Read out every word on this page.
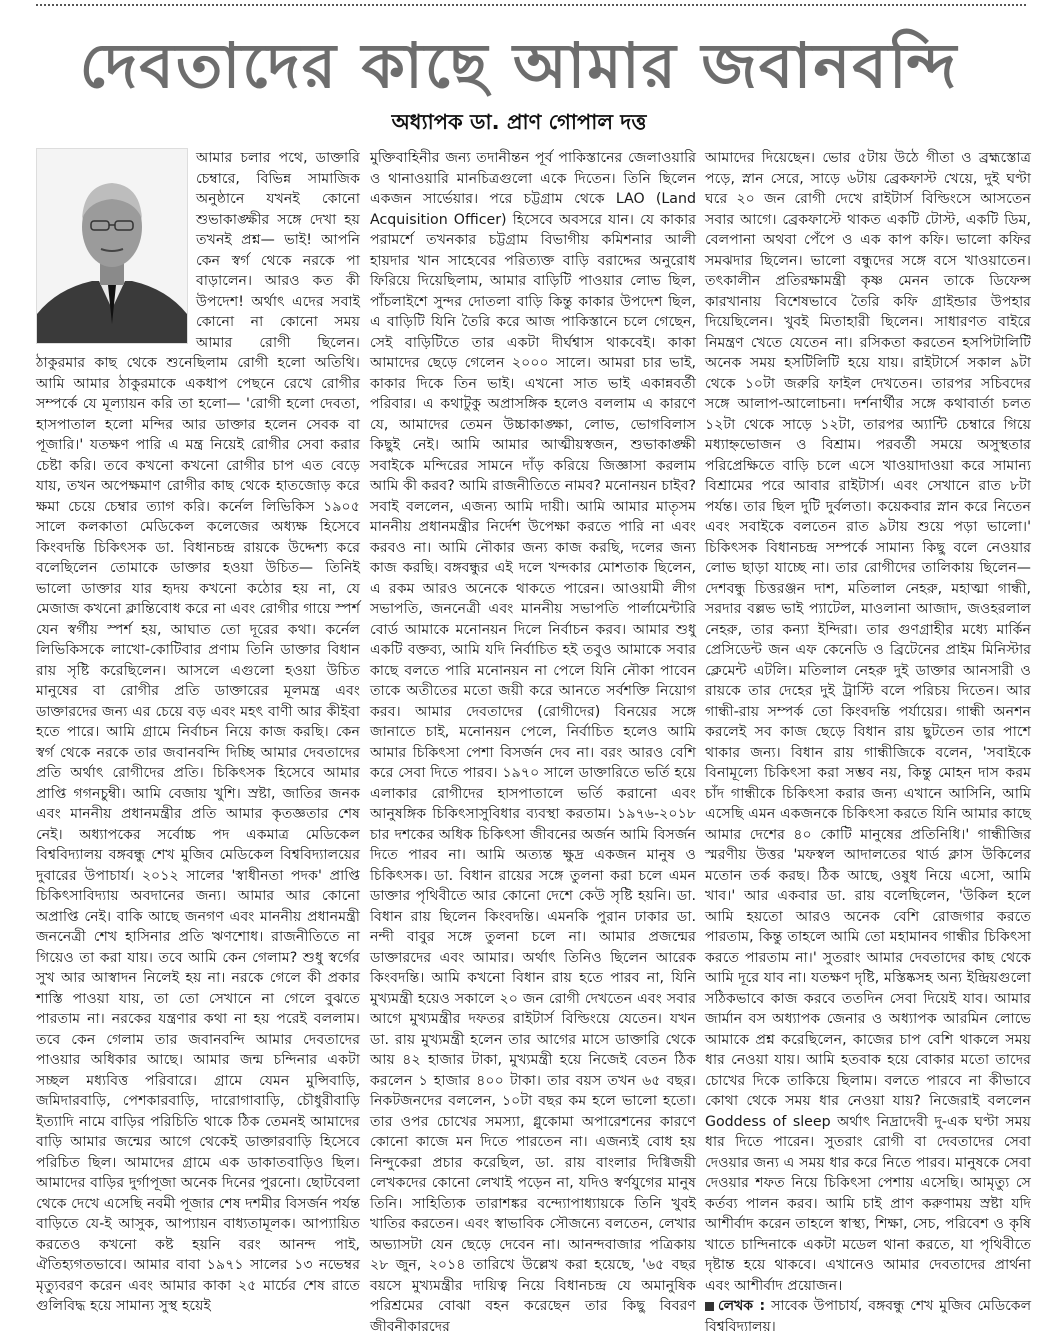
দেবতাদের কাছে আমার জবানবন্দি
অধ্যাপক ডা. প্রাণ গোপাল দত্ত

আমার চলার পথে, ডাক্তারি চেম্বারে, বিভিন্ন সামাজিক অনুষ্ঠানে যখনই কোনো শুভাকাঙ্ক্ষীর সঙ্গে দেখা হয় তখনই প্রশ্ন— ভাই! আপনি কেন স্বর্গ থেকে নরকে পা বাড়ালেন। আরও কত কী উপদেশ! অর্থাৎ এদের সবাই কোনো না কোনো সময় আমার রোগী ছিলেন। ঠাকুরমার কাছ থেকে শুনেছিলাম রোগী হলো অতিথি। আমি আমার ঠাকুরমাকে একধাপ পেছনে রেখে রোগীর সম্পর্কে যে মূল্যায়ন করি তা হলো— 'রোগী হলো দেবতা, হাসপাতাল হলো মন্দির আর ডাক্তার হলেন সেবক বা পূজারি।' যতক্ষণ পারি এ মন্ত্র নিয়েই রোগীর সেবা করার চেষ্টা করি। তবে কখনো কখনো রোগীর চাপ এত বেড়ে যায়, তখন অপেক্ষমাণ রোগীর কাছ থেকে হাতজোড় করে ক্ষমা চেয়ে চেম্বার ত্যাগ করি। কর্নেল লিভিকিস ১৯০৫ সালে কলকাতা মেডিকেল কলেজের অধ্যক্ষ হিসেবে কিংবদন্তি চিকিৎসক ডা. বিধানচন্দ্র রায়কে উদ্দেশ্য করে বলেছিলেন তোমাকে ডাক্তার হওয়া উচিত— তিনিই ভালো ডাক্তার যার হৃদয় কখনো কঠোর হয় না, যে মেজাজ কখনো ক্লান্তিবোধ করে না এবং রোগীর গায়ে স্পর্শ যেন স্বর্গীয় স্পর্শ হয়, আঘাত তো দূরের কথা। কর্নেল লিভিকিসকে লাখো-কোটিবার প্রণাম তিনি ডাক্তার বিধান রায় সৃষ্টি করেছিলেন। আসলে এগুলো হওয়া উচিত মানুষের বা রোগীর প্রতি ডাক্তারের মূলমন্ত্র এবং ডাক্তারদের জন্য এর চেয়ে বড় এবং মহৎ বাণী আর কীইবা হতে পারে। আমি গ্রামে নির্বাচন নিয়ে কাজ করছি। কেন স্বর্গ থেকে নরকে তার জবানবন্দি দিচ্ছি আমার দেবতাদের প্রতি অর্থাৎ রোগীদের প্রতি। চিকিৎসক হিসেবে আমার প্রাপ্তি গগনচুম্বী। আমি বেজায় খুশি। স্রষ্টা, জাতির জনক এবং মাননীয় প্রধানমন্ত্রীর প্রতি আমার কৃতজ্ঞতার শেষ নেই। অধ্যাপকের সর্বোচ্চ পদ একমাত্র মেডিকেল বিশ্ববিদ্যালয় বঙ্গবন্ধু শেখ মুজিব মেডিকেল বিশ্ববিদ্যালয়ের দুবারের উপাচার্য। ২০১২ সালের 'স্বাধীনতা পদক' প্রাপ্তি চিকিৎসাবিদ্যায় অবদানের জন্য। আমার আর কোনো অপ্রাপ্তি নেই। বাকি আছে জনগণ এবং মাননীয় প্রধানমন্ত্রী জননেত্রী শেখ হাসিনার প্রতি ঋণশোধ। রাজনীতিতে না গিয়েও তা করা যায়। তবে আমি কেন গেলাম? শুধু স্বর্গের সুখ আর আস্বাদন নিলেই হয় না। নরকে গেলে কী প্রকার শাস্তি পাওয়া যায়, তা তো সেখানে না গেলে বুঝতে পারতাম না। নরকের যন্ত্রণার কথা না হয় পরেই বললাম। তবে কেন গেলাম তার জবানবন্দি আমার দেবতাদের পাওয়ার অধিকার আছে। আমার জন্ম চন্দিনার একটা সচ্ছল মধ্যবিত্ত পরিবারে। গ্রামে যেমন মুন্সিবাড়ি, জমিদারবাড়ি, পেশকারবাড়ি, দারোগাবাড়ি, চৌধুরীবাড়ি ইত্যাদি নামে বাড়ির পরিচিতি থাকে ঠিক তেমনই আমাদের বাড়ি আমার জন্মের আগে থেকেই ডাক্তারবাড়ি হিসেবে পরিচিত ছিল। আমাদের গ্রামে এক ডাকাতবাড়িও ছিল। আমাদের বাড়ির দুর্গাপূজা অনেক দিনের পুরনো। ছোটবেলা থেকে দেখে এসেছি নবমী পূজার শেষ দশমীর বিসর্জন পর্যন্ত বাড়িতে যে-ই আসুক, আপ্যায়ন বাধ্যতামূলক। আপ্যায়িত করতেও কখনো কষ্ট হয়নি বরং আনন্দ পাই, ঐতিহ্যগতভাবে। আমার বাবা ১৯৭১ সালের ১৩ নভেম্বর মৃত্যুবরণ করেন এবং আমার কাকা ২৫ মার্চের শেষ রাতে গুলিবিদ্ধ হয়ে সামান্য সুস্থ হয়েই

মুক্তিবাহিনীর জন্য তদানীন্তন পূর্ব পাকিস্তানের জেলাওয়ারি ও থানাওয়ারি মানচিত্রগুলো একে দিতেন। তিনি ছিলেন একজন সার্ভেয়ার। পরে চট্টগ্রাম থেকে LAO (Land Acquisition Officer) হিসেবে অবসরে যান। যে কাকার পরামর্শে তখনকার চট্টগ্রাম বিভাগীয় কমিশনার আলী হায়দার খান সাহেবের পরিত্যক্ত বাড়ি বরাদ্দের অনুরোধ ফিরিয়ে দিয়েছিলাম, আমার বাড়িটি পাওয়ার লোভ ছিল, পাঁচলাইশে সুন্দর দোতলা বাড়ি কিন্তু কাকার উপদেশ ছিল, এ বাড়িটি যিনি তৈরি করে আজ পাকিস্তানে চলে গেছেন, সেই বাড়িটিতে তার একটা দীর্ঘশ্বাস থাকবেই। কাকা আমাদের ছেড়ে গেলেন ২০০০ সালে। আমরা চার ভাই, কাকার দিকে তিন ভাই। এখনো সাত ভাই একান্নবর্তী পরিবার। এ কথাটুকু অপ্রাসঙ্গিক হলেও বললাম এ কারণে যে, আমাদের তেমন উচ্চাকাঙ্ক্ষা, লোভ, ভোগবিলাস কিছুই নেই। আমি আমার আত্মীয়স্বজন, শুভাকাঙ্ক্ষী সবাইকে মন্দিরের সামনে দাঁড় করিয়ে জিজ্ঞাসা করলাম আমি কী করব? আমি রাজনীতিতে নামব? মনোনয়ন চাইব? সবাই বললেন, এজন্য আমি দায়ী। আমি আমার মাতৃসম মাননীয় প্রধানমন্ত্রীর নির্দেশ উপেক্ষা করতে পারি না এবং করবও না। আমি নৌকার জন্য কাজ করছি, দলের জন্য কাজ করছি। বঙ্গবন্ধুর এই দলে খন্দকার মোশতাক ছিলেন, এ রকম আরও অনেকে থাকতে পারেন। আওয়ামী লীগ সভাপতি, জননেত্রী এবং মাননীয় সভাপতি পার্লামেন্টারি বোর্ড আমাকে মনোনয়ন দিলে নির্বাচন করব। আমার শুধু একটি বক্তব্য, আমি যদি নির্বাচিত হই তবুও আমাকে সবার কাছে বলতে পারি মনোনয়ন না পেলে যিনি নৌকা পাবেন তাকে অতীতের মতো জয়ী করে আনতে সর্বশক্তি নিয়োগ করব। আমার দেবতাদের (রোগীদের) বিনয়ের সঙ্গে জানাতে চাই, মনোনয়ন পেলে, নির্বাচিত হলেও আমি আমার চিকিৎসা পেশা বিসর্জন দেব না। বরং আরও বেশি করে সেবা দিতে পারব। ১৯৭০ সালে ডাক্তারিতে ভর্তি হয়ে এলাকার রোগীদের হাসপাতালে ভর্তি করানো এবং আনুষঙ্গিক চিকিৎসাসুবিধার ব্যবস্থা করতাম। ১৯৭৬-২০১৮ চার দশকের অধিক চিকিৎসা জীবনের অর্জন আমি বিসর্জন দিতে পারব না। আমি অত্যন্ত ক্ষুদ্র একজন মানুষ ও চিকিৎসক। ডা. বিধান রায়ের সঙ্গে তুলনা করা চলে এমন ডাক্তার পৃথিবীতে আর কোনো দেশে কেউ সৃষ্টি হয়নি। ডা. বিধান রায় ছিলেন কিংবদন্তি। এমনকি পুরান ঢাকার ডা. নন্দী বাবুর সঙ্গে তুলনা চলে না। আমার প্রজন্মের ডাক্তারদের এবং আমার। অর্থাৎ তিনিও ছিলেন আরেক কিংবদন্তি। আমি কখনো বিধান রায় হতে পারব না, যিনি মুখ্যমন্ত্রী হয়েও সকালে ২০ জন রোগী দেখতেন এবং সবার আগে মুখ্যমন্ত্রীর দফতর রাইটার্স বিল্ডিংয়ে যেতেন। যখন ডা. রায় মুখ্যমন্ত্রী হলেন তার আগের মাসে ডাক্তারি থেকে আয় ৪২ হাজার টাকা, মুখ্যমন্ত্রী হয়ে নিজেই বেতন ঠিক করলেন ১ হাজার ৪০০ টাকা। তার বয়স তখন ৬৫ বছর। নিকটজনদের বললেন, ১০টা বছর কম হলে ভালো হতো। তার ওপর চোখের সমস্যা, গ্লুকোমা অপারেশনের কারণে কোনো কাজে মন দিতে পারতেন না। এজন্যই বোধ হয় নিন্দুকেরা প্রচার করেছিল, ডা. রায় বাংলার দিগ্বিজয়ী লেখকদের কোনো লেখাই পড়েন না, যদিও স্বর্ণযুগের মানুষ তিনি। সাহিত্যিক তারাশঙ্কর বন্দ্যোপাধ্যায়কে তিনি খুবই খাতির করতেন। এবং স্বাভাবিক সৌজন্যে বলতেন, লেখার অভ্যাসটা যেন ছেড়ে দেবেন না। আনন্দবাজার পত্রিকায় ২৮ জুন, ২০১৪ তারিখে উল্লেখ করা হয়েছে, '৬৫ বছর বয়সে মুখ্যমন্ত্রীর দায়িত্ব নিয়ে বিধানচন্দ্র যে অমানুষিক পরিশ্রমের বোঝা বহন করেছেন তার কিছু বিবরণ জীবনীকারদের

আমাদের দিয়েছেন। ভোর ৫টায় উঠে গীতা ও ব্রহ্মস্তোত্র পড়ে, স্নান সেরে, সাড়ে ৬টায় ব্রেকফাস্ট খেয়ে, দুই ঘণ্টা ঘরে ২০ জন রোগী দেখে রাইটার্স বিল্ডিংসে আসতেন সবার আগে। ব্রেকফাস্টে থাকত একটি টোস্ট, একটি ডিম, বেলপানা অথবা পেঁপে ও এক কাপ কফি। ভালো কফির সমঝদার ছিলেন। ভালো বন্ধুদের সঙ্গে বসে খাওয়াতেন। তৎকালীন প্রতিরক্ষামন্ত্রী কৃষ্ণ মেনন তাকে ডিফেন্স কারখানায় বিশেষভাবে তৈরি কফি গ্রাইন্ডার উপহার দিয়েছিলেন। খুবই মিতাহারী ছিলেন। সাধারণত বাইরে নিমন্ত্রণ খেতে যেতেন না। রসিকতা করতেন হসপিটালিটি অনেক সময় হসটিলিটি হয়ে যায়। রাইটার্সে সকাল ৯টা থেকে ১০টা জরুরি ফাইল দেখতেন। তারপর সচিবদের সঙ্গে আলাপ-আলোচনা। দর্শনার্থীর সঙ্গে কথাবার্তা চলত ১২টা থেকে সাড়ে ১২টা, তারপর অ্যান্টি চেম্বারে গিয়ে মধ্যাহ্নভোজন ও বিশ্রাম। পরবর্তী সময়ে অসুস্থতার পরিপ্রেক্ষিতে বাড়ি চলে এসে খাওয়াদাওয়া করে সামান্য বিশ্রামের পরে আবার রাইটার্স। এবং সেখানে রাত ৮টা পর্যন্ত। তার ছিল দুটি দুর্বলতা। কয়েকবার স্নান করে নিতেন এবং সবাইকে বলতেন রাত ৯টায় শুয়ে পড়া ভালো।' চিকিৎসক বিধানচন্দ্র সম্পর্কে সামান্য কিছু বলে নেওয়ার লোভ ছাড়া যাচ্ছে না। তার রোগীদের তালিকায় ছিলেন— দেশবন্ধু চিত্তরঞ্জন দাশ, মতিলাল নেহরু, মহাত্মা গান্ধী, সরদার বল্লভ ভাই প্যাটেল, মাওলানা আজাদ, জওহরলাল নেহরু, তার কন্যা ইন্দিরা। তার গুণগ্রাহীর মধ্যে মার্কিন প্রেসিডেন্ট জন এফ কেনেডি ও ব্রিটেনের প্রাইম মিনিস্টার ক্লেমেন্ট এটলি। মতিলাল নেহরু দুই ডাক্তার আনসারী ও রায়কে তার দেহের দুই ট্রাস্টি বলে পরিচয় দিতেন। আর গান্ধী-রায় সম্পর্ক তো কিংবদন্তি পর্যায়ের। গান্ধী অনশন করলেই সব কাজ ছেড়ে বিধান রায় ছুটতেন তার পাশে থাকার জন্য। বিধান রায় গান্ধীজিকে বলেন, 'সবাইকে বিনামূল্যে চিকিৎসা করা সম্ভব নয়, কিন্তু মোহন দাস করম চাঁদ গান্ধীকে চিকিৎসা করার জন্য এখানে আসিনি, আমি এসেছি এমন একজনকে চিকিৎসা করতে যিনি আমার কাছে আমার দেশের ৪০ কোটি মানুষের প্রতিনিধি।' গান্ধীজির স্মরণীয় উত্তর 'মফস্বল আদালতের থার্ড ক্লাস উকিলের মতোন তর্ক করছ। ঠিক আছে, ওষুধ নিয়ে এসো, আমি খাব।' আর একবার ডা. রায় বলেছিলেন, 'উকিল হলে আমি হয়তো আরও অনেক বেশি রোজগার করতে পারতাম, কিন্তু তাহলে আমি তো মহামানব গান্ধীর চিকিৎসা করতে পারতাম না।' সুতরাং আমার দেবতাদের কাছ থেকে আমি দূরে যাব না। যতক্ষণ দৃষ্টি, মস্তিষ্কসহ অন্য ইন্দ্রিয়গুলো সঠিকভাবে কাজ করবে ততদিন সেবা দিয়েই যাব। আমার জার্মান বস অধ্যাপক জেনার ও অধ্যাপক আরমিন লোভে আমাকে প্রশ্ন করেছিলেন, কাজের চাপ বেশি থাকলে সময় ধার নেওয়া যায়। আমি হতবাক হয়ে বোকার মতো তাদের চোখের দিকে তাকিয়ে ছিলাম। বলতে পারবে না কীভাবে কোথা থেকে সময় ধার নেওয়া যায়? নিজেরাই বললেন Goddess of sleep অর্থাৎ নিদ্রাদেবী দু-এক ঘণ্টা সময় ধার দিতে পারেন। সুতরাং রোগী বা দেবতাদের সেবা দেওয়ার জন্য এ সময় ধার করে নিতে পারব। মানুষকে সেবা দেওয়ার শফত নিয়ে চিকিৎসা পেশায় এসেছি। আমৃত্যু সে কর্তব্য পালন করব। আমি চাই প্রাণ করুণাময় স্রষ্টা যদি আশীর্বাদ করেন তাহলে স্বাস্থ্য, শিক্ষা, সেচ, পরিবেশ ও কৃষি খাতে চান্দিনাকে একটা মডেল থানা করতে, যা পৃথিবীতে দৃষ্টান্ত হয়ে থাকবে। এখানেও আমার দেবতাদের প্রার্থনা এবং আশীর্বাদ প্রয়োজন।

লেখক : সাবেক উপাচার্য, বঙ্গবন্ধু শেখ মুজিব মেডিকেল বিশ্ববিদ্যালয়।
